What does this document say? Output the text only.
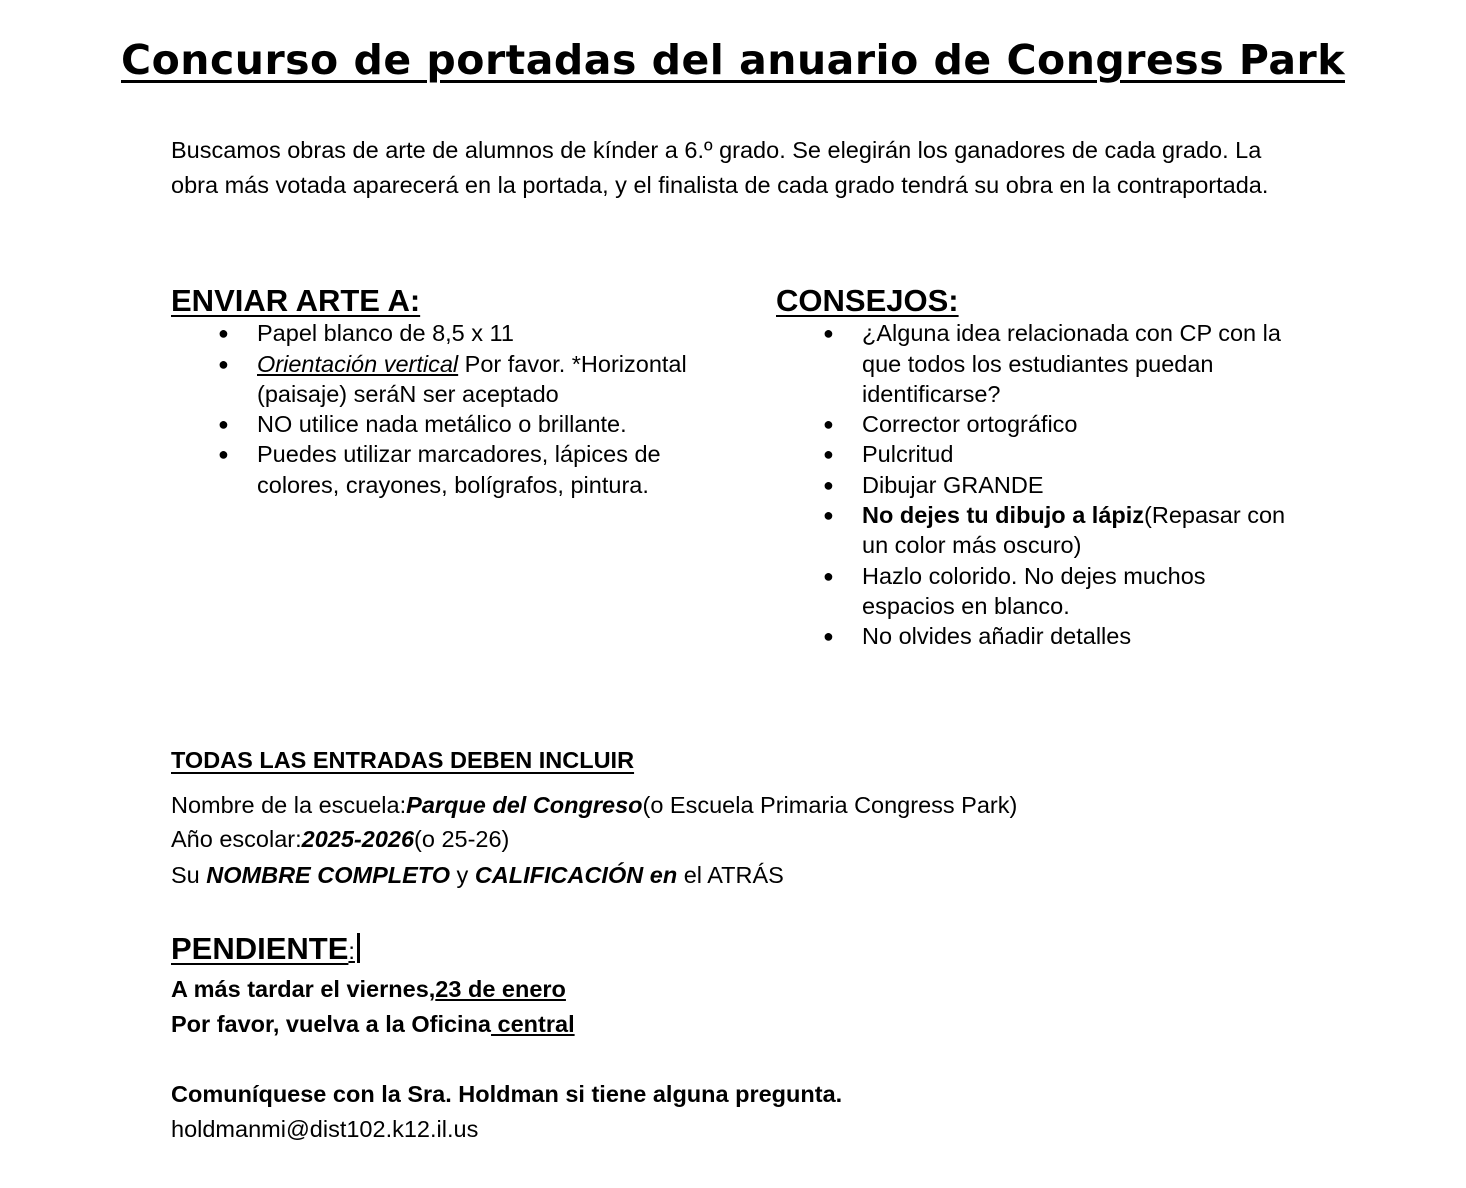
Concurso de portadas del anuario de Congress Park
Buscamos obras de arte de alumnos de kínder a 6.º grado. Se elegirán los ganadores de cada grado. La obra más votada aparecerá en la portada, y el finalista de cada grado tendrá su obra en la contraportada.
ENVIAR ARTE A:
● Papel blanco de 8,5 x 11
● Orientación vertical Por favor. *Horizontal (paisaje) seráN ser aceptado
● NO utilice nada metálico o brillante.
● Puedes utilizar marcadores, lápices de colores, crayones, bolígrafos, pintura.
CONSEJOS:
● ¿Alguna idea relacionada con CP con la que todos los estudiantes puedan identificarse?
● Corrector ortográfico
● Pulcritud
● Dibujar GRANDE
● No dejes tu dibujo a lápiz(Repasar con un color más oscuro)
● Hazlo colorido. No dejes muchos espacios en blanco.
● No olvides añadir detalles
TODAS LAS ENTRADAS DEBEN INCLUIR
Nombre de la escuela:Parque del Congreso(o Escuela Primaria Congress Park)
Año escolar:2025-2026(o 25-26)
Su NOMBRE COMPLETO y CALIFICACIÓN en el ATRÁS
PENDIENTE:
A más tardar el viernes,23 de enero
Por favor, vuelva a la Oficina central
Comuníquese con la Sra. Holdman si tiene alguna pregunta.
holdmanmi@dist102.k12.il.us
